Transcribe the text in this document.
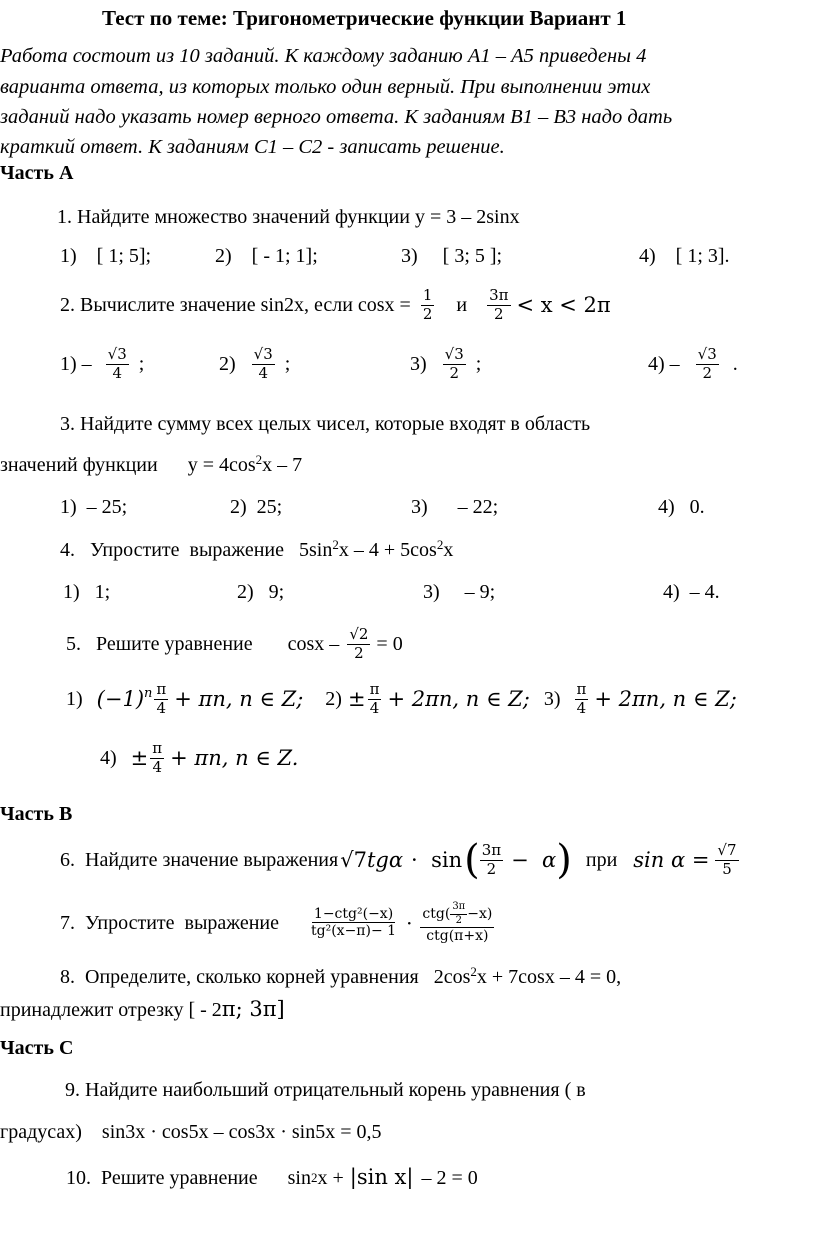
Тест по теме: Тригонометрические функции Вариант 1
Работа состоит из 10 заданий. К каждому заданию А1 – А5 приведены 4
варианта ответа, из которых только один верный. При выполнении этих
заданий надо указать номер верного ответа. К заданиям В1 – В3 надо дать
краткий ответ. К заданиям С1 – С2 - записать решение.
Часть А
1. Найдите множество значений функции y = 3 – 2sinx
1)    [ 1; 5];	2)    [ - 1; 1];	3)     [ 3; 5 ];	4)    [ 1; 3].
2. Вычислите значение sin2x, если $\cos x = \frac{1}{2}$ и $\frac{3\pi}{2} < x < 2\pi$
$1) - \frac{√3}{4}$ ;	$2) \frac{√3}{4}$ ;	$3) \frac{√3}{2}$ ;	$4) - \frac{√3}{2}$ .
3. Найдите сумму всех целых чисел, которые входят в область
значений функции      $y = 4\cos^2x - 7$
1)  – 25;	2)  25;	3)      – 22;	4)   0.
4.   Упростите  выражение   $5\sin^2x - 4 + 5\cos^2x$
1)   1;	2)   9;	3)     – 9;	4)  – 4.
5.   Решите уравнение       $\cos x - \frac{√2}{2} = 0$
1) $(-1)^n \frac{\pi}{4} + \pi n$, n ∈ Z; $2) \pm \frac{\pi}{4} + 2\pi n$, n ∈ Z; $3) \frac{\pi}{4} + 2\pi n$, n ∈ Z;
$4) \pm \frac{\pi}{4} + \pi n$, n ∈ Z.
Часть В
6.  Найдите значение выражения √7 tgα ·  sin ( $\frac{3\pi}{2} - \alpha$ ) при $\sin \alpha = \frac{√7}{5}$
7.  Упростите  выражение $\frac{\text{1−ctg²(−x)}}{\text{tg²(x−π)− 1}} \cdot \frac{ctg( \frac{3\pi}{2} -x)}{\text{ctg(π+x)}}$
8.  Определите, сколько корней уравнения   $2\cos^2x + 7\cos x - 4 = 0$,
принадлежит отрезку [ - 2π; 3π]
Часть С
9. Найдите наибольший отрицательный корень уравнения ( в
градусах)    sin3x · cos5x – cos3x · sin5x = 0,5
10.  Решите уравнение      $\sin^2 x + |\sin$ x| – 2 = 0
